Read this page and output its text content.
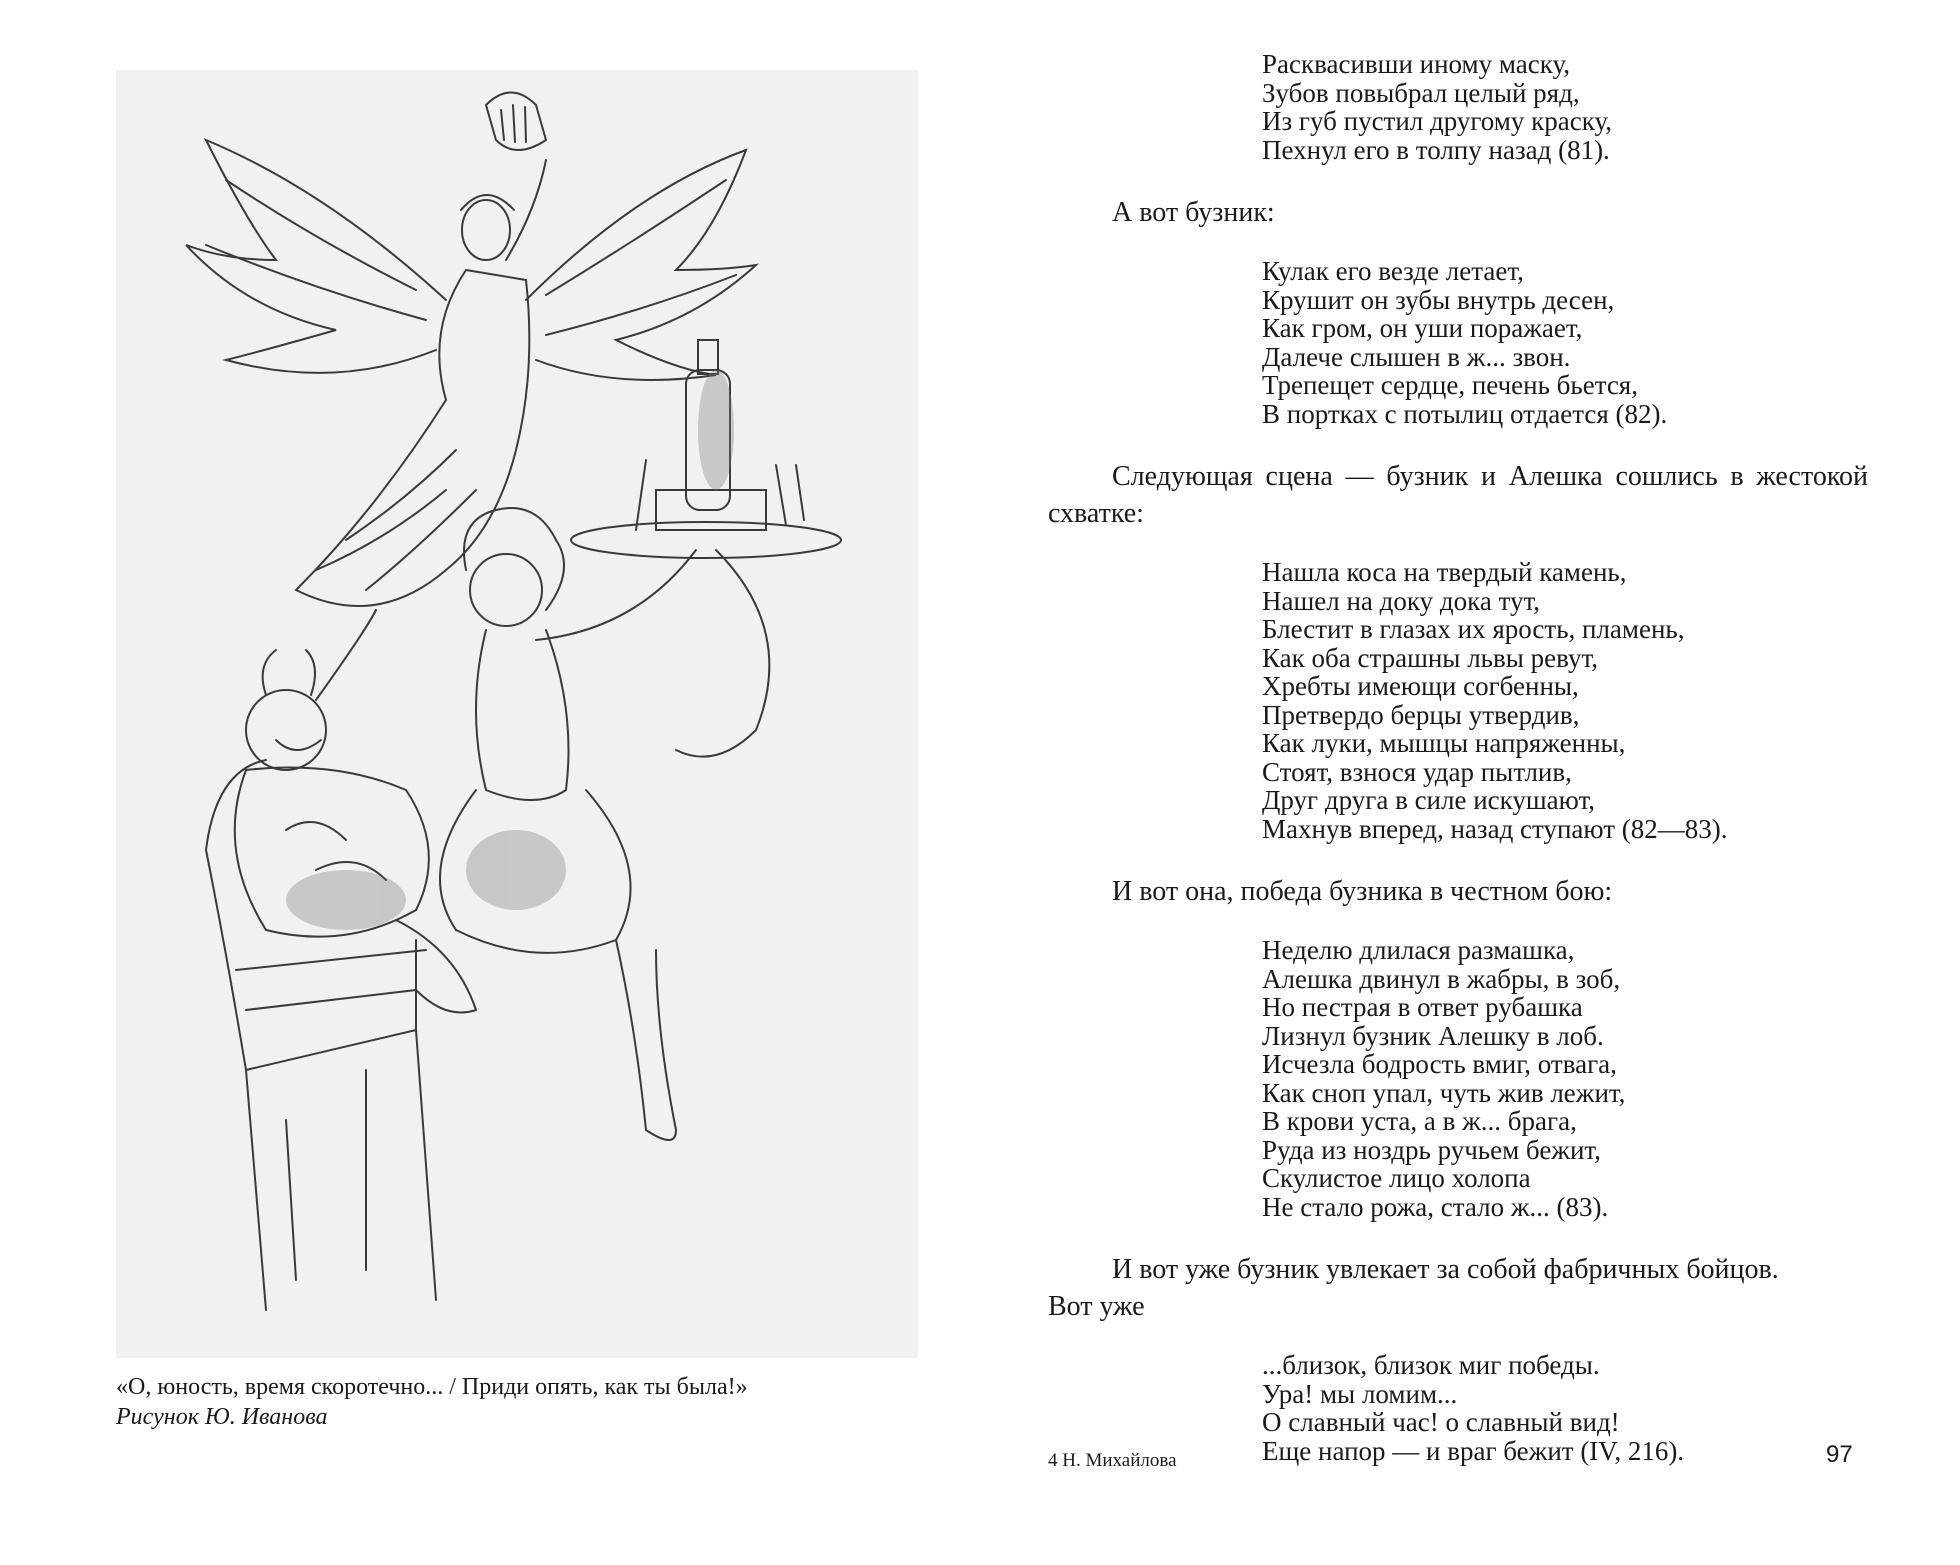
«О, юность, время скоротечно... / Приди опять, как ты была!»
Рисунок Ю. Иванова
Расквасивши иному маску,
Зубов повыбрал целый ряд,
Из губ пустил другому краску,
Пехнул его в толпу назад (81).
А вот бузник:
Кулак его везде летает,
Крушит он зубы внутрь десен,
Как гром, он уши поражает,
Далече слышен в ж... звон.
Трепещет сердце, печень бьется,
В портках с потылиц отдается (82).
Следующая сцена — бузник и Алешка сошлись в жестокой схватке:
Нашла коса на твердый камень,
Нашел на доку дока тут,
Блестит в глазах их ярость, пламень,
Как оба страшны львы ревут,
Хребты имеющи согбенны,
Претвердо берцы утвердив,
Как луки, мышцы напряженны,
Стоят, взнося удар пытлив,
Друг друга в силе искушают,
Махнув вперед, назад ступают (82—83).
И вот она, победа бузника в честном бою:
Неделю длилася размашка,
Алешка двинул в жабры, в зоб,
Но пестрая в ответ рубашка
Лизнул бузник Алешку в лоб.
Исчезла бодрость вмиг, отвага,
Как сноп упал, чуть жив лежит,
В крови уста, а в ж... брага,
Руда из ноздрь ручьем бежит,
Скулистое лицо холопа
Не стало рожа, стало ж... (83).
И вот уже бузник увлекает за собой фабричных бойцов.
Вот уже
...близок, близок миг победы.
Ура! мы ломим...
О славный час! о славный вид!
Еще напор — и враг бежит (IV, 216).
4 Н. Михайлова	97
